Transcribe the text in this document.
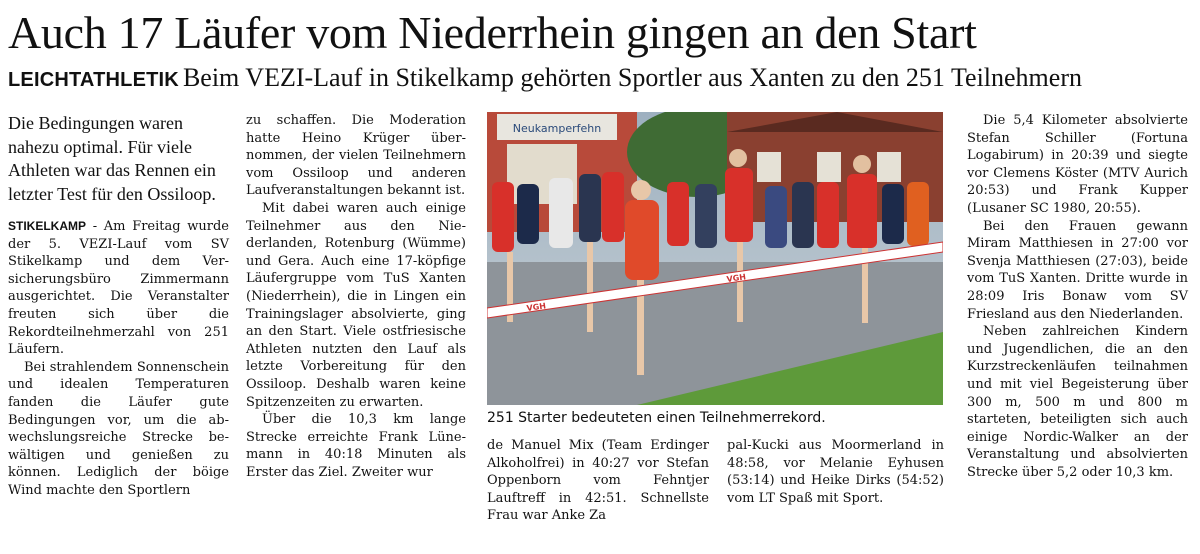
Auch 17 Läufer vom Niederrhein gingen an den Start
LEICHTATHLETIK Beim VEZI-Lauf in Stikelkamp gehörten Sportler aus Xanten zu den 251 Teilnehmern

Die Bedingungen waren nahezu optimal. Für viele Athleten war das Rennen ein letzter Test für den Ossiloop.

STIKELKAMP - Am Freitag wurde der 5. VEZI-Lauf vom SV Stikelkamp und dem Versicherungsbüro Zimmermann ausgerichtet. Die Veranstalter freuten sich über die Rekordteilnehmerzahl von 251 Läufern.

Bei strahlendem Sonnenschein und idealen Temperaturen fanden die Läufer gute Bedingungen vor, um die abwechslungsreiche Strecke bewältigen und genießen zu können. Lediglich der böige Wind machte den Sportlern

zu schaffen. Die Moderation hatte Heino Krüger übernommen, der vielen Teilnehmern vom Ossiloop und anderen Laufveranstaltungen bekannt ist.

Mit dabei waren auch einige Teilnehmer aus den Niederlanden, Rotenburg (Wümme) und Gera. Auch eine 17-köpfige Läufergruppe vom TuS Xanten (Niederrhein), die in Lingen ein Trainingslager absolvierte, ging an den Start. Viele ostfriesische Athleten nutzten den Lauf als letzte Vorbereitung für den Ossiloop. Deshalb waren keine Spitzenzeiten zu erwarten.

Über die 10,3 km lange Strecke erreichte Frank Lünemann in 40:18 Minuten als Erster das Ziel. Zweiter wur

Neukamperfehn
VGH
VGH
251 Starter bedeuteten einen Teilnehmerrekord.

de Manuel Mix (Team Erdinger Alkoholfrei) in 40:27 vor Stefan Oppenborn vom Fehntjer Lauftreff in 42:51. Schnellste Frau war Anke Za

pal-Kucki aus Moormerland in 48:58, vor Melanie Eyhusen (53:14) und Heike Dirks (54:52) vom LT Spaß mit Sport.

Die 5,4 Kilometer absolvierte Stefan Schiller (Fortuna Logabirum) in 20:39 und siegte vor Clemens Köster (MTV Aurich 20:53) und Frank Kupper (Lusaner SC 1980, 20:55).

Bei den Frauen gewann Miram Matthiesen in 27:00 vor Svenja Matthiesen (27:03), beide vom TuS Xanten. Dritte wurde in 28:09 Iris Bonaw vom SV Friesland aus den Niederlanden.

Neben zahlreichen Kindern und Jugendlichen, die an den Kurzstreckenläufen teilnahmen und mit viel Begeisterung über 300 m, 500 m und 800 m starteten, beteiligten sich auch einige Nordic-Walker an der Veranstaltung und absolvierten Strecke über 5,2 oder 10,3 km.
